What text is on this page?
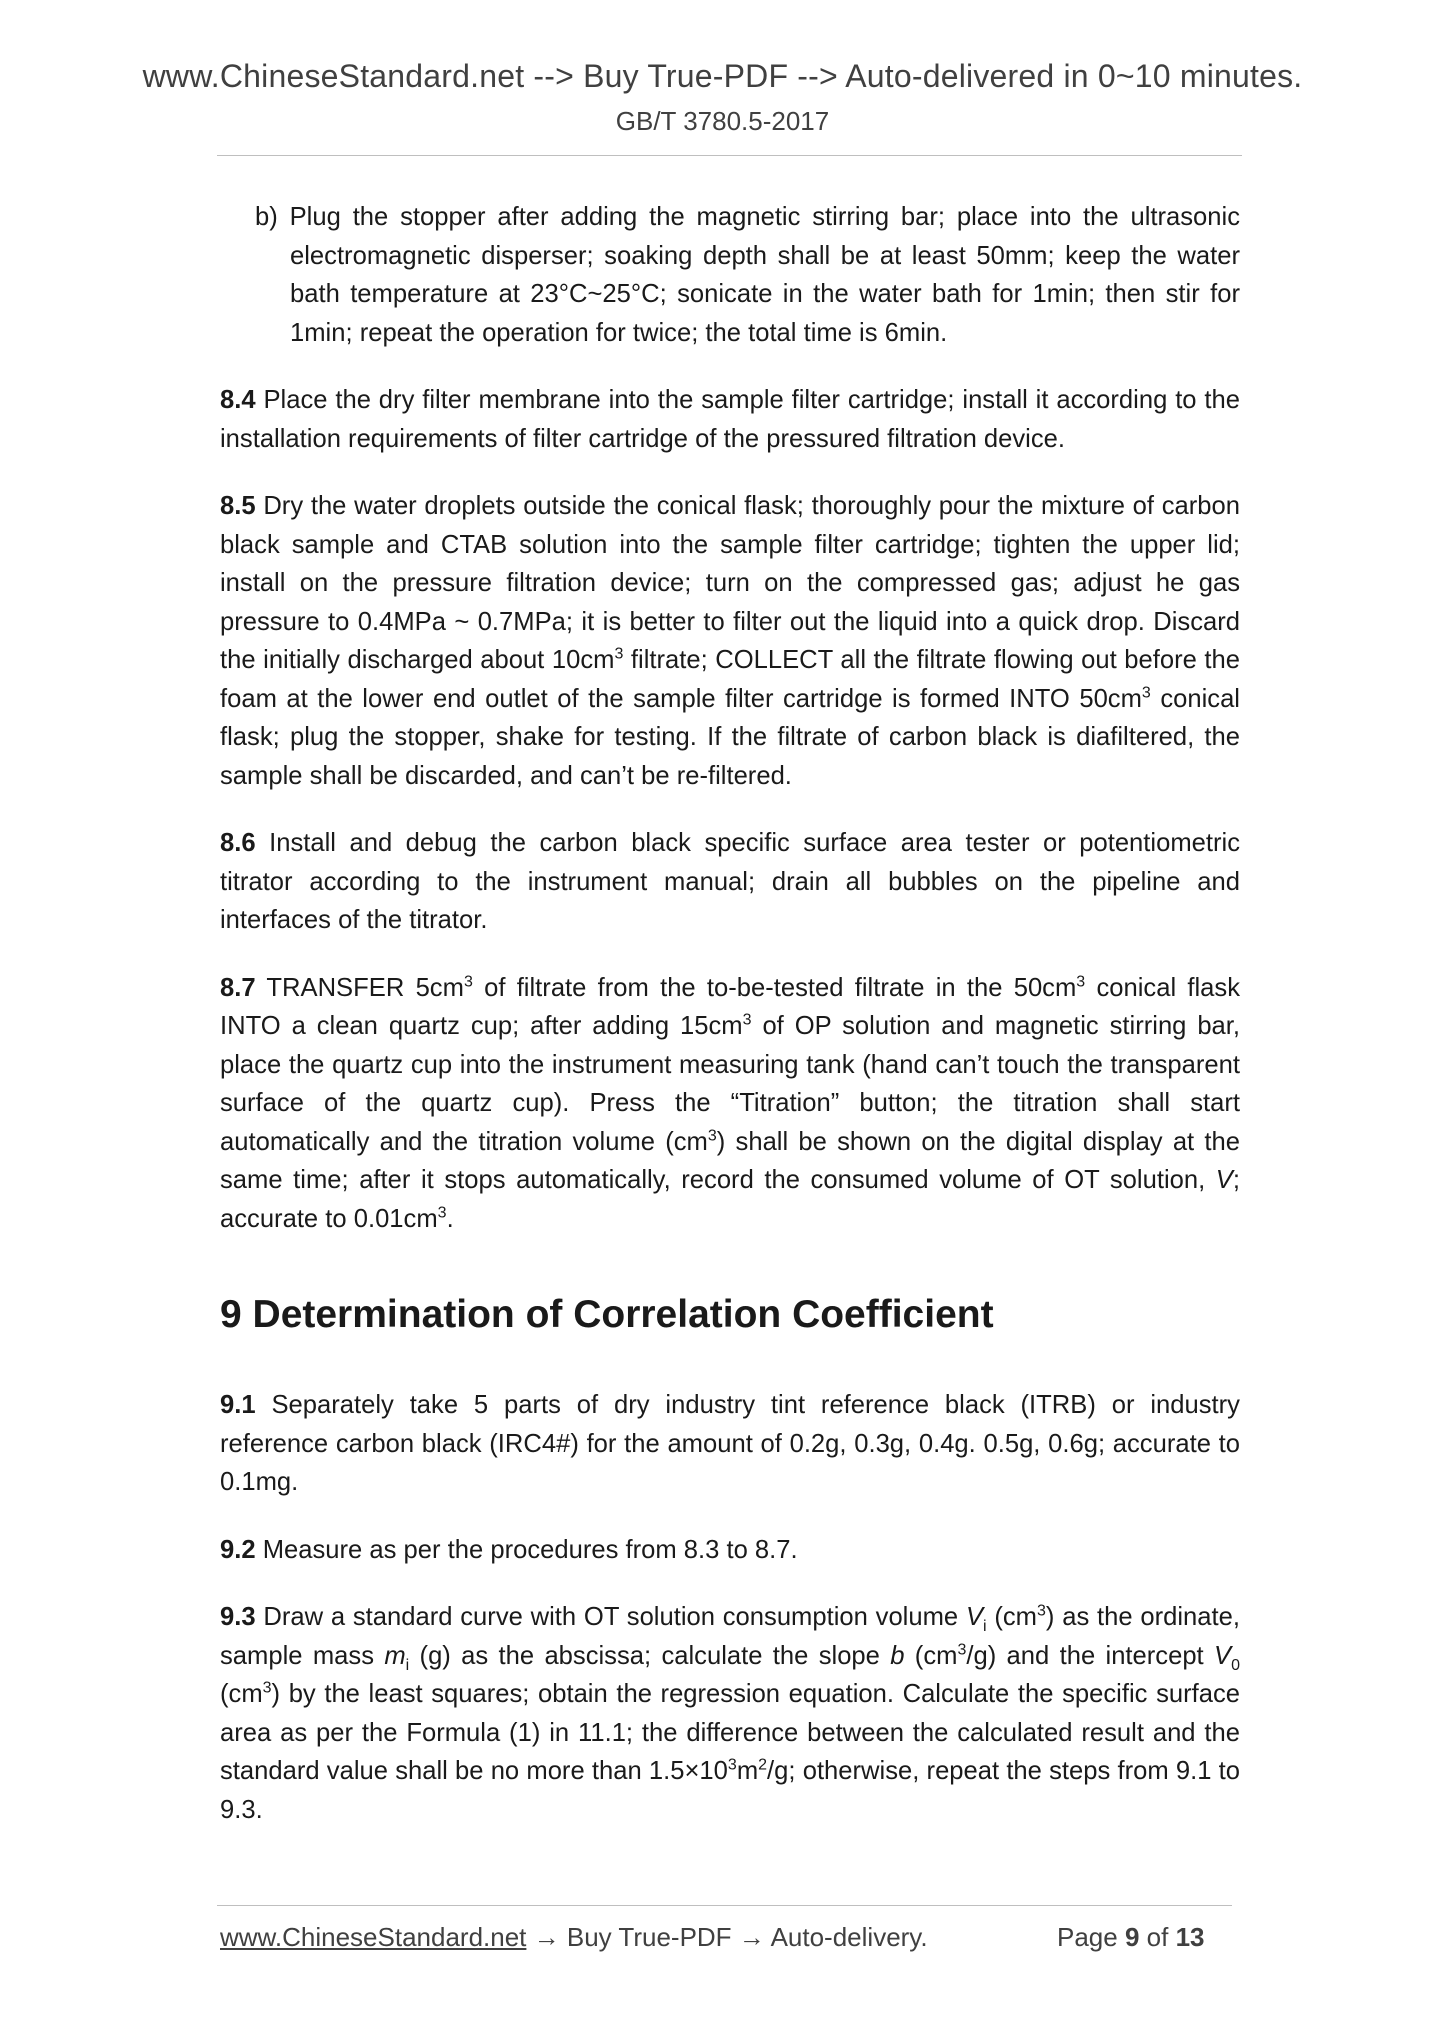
www.ChineseStandard.net --> Buy True-PDF --> Auto-delivered in 0~10 minutes.
GB/T 3780.5-2017

b) Plug the stopper after adding the magnetic stirring bar; place into the ultrasonic electromagnetic disperser; soaking depth shall be at least 50mm; keep the water bath temperature at 23°C~25°C; sonicate in the water bath for 1min; then stir for 1min; repeat the operation for twice; the total time is 6min.

8.4 Place the dry filter membrane into the sample filter cartridge; install it according to the installation requirements of filter cartridge of the pressured filtration device.

8.5 Dry the water droplets outside the conical flask; thoroughly pour the mixture of carbon black sample and CTAB solution into the sample filter cartridge; tighten the upper lid; install on the pressure filtration device; turn on the compressed gas; adjust he gas pressure to 0.4MPa ~ 0.7MPa; it is better to filter out the liquid into a quick drop. Discard the initially discharged about $10cm^3$ filtrate; COLLECT all the filtrate flowing out before the foam at the lower end outlet of the sample filter cartridge is formed INTO $50cm^3$ conical flask; plug the stopper, shake for testing. If the filtrate of carbon black is diafiltered, the sample shall be discarded, and can’t be re-filtered.

8.6 Install and debug the carbon black specific surface area tester or potentiometric titrator according to the instrument manual; drain all bubbles on the pipeline and interfaces of the titrator.

8.7 TRANSFER $5cm^3$ of filtrate from the to-be-tested filtrate in the $50cm^3$ conical flask INTO a clean quartz cup; after adding $15cm^3$ of OP solution and magnetic stirring bar, place the quartz cup into the instrument measuring tank (hand can’t touch the transparent surface of the quartz cup). Press the “Titration” button; the titration shall start automatically and the titration volume $(cm^3)$ shall be shown on the digital display at the same time; after it stops automatically, record the consumed volume of OT solution, V; accurate to $0.01cm^3$.

9 Determination of Correlation Coefficient

9.1 Separately take 5 parts of dry industry tint reference black (ITRB) or industry reference carbon black (IRC4#) for the amount of 0.2g, 0.3g, 0.4g. 0.5g, 0.6g; accurate to 0.1mg.

9.2 Measure as per the procedures from 8.3 to 8.7.

9.3 Draw a standard curve with OT solution consumption volume $V_i$ $(cm^3)$ as the ordinate, sample mass $m_i$ (g) as the abscissa; calculate the slope b $(cm^3/g)$ and the intercept $V_0$ $(cm^3)$ by the least squares; obtain the regression equation. Calculate the specific surface area as per the Formula (1) in 11.1; the difference between the calculated result and the standard value shall be no more than $1.5\times 10^3m^2/g$; otherwise, repeat the steps from 9.1 to 9.3.

www.ChineseStandard.net → Buy True-PDF → Auto-delivery.	Page 9 of 13
